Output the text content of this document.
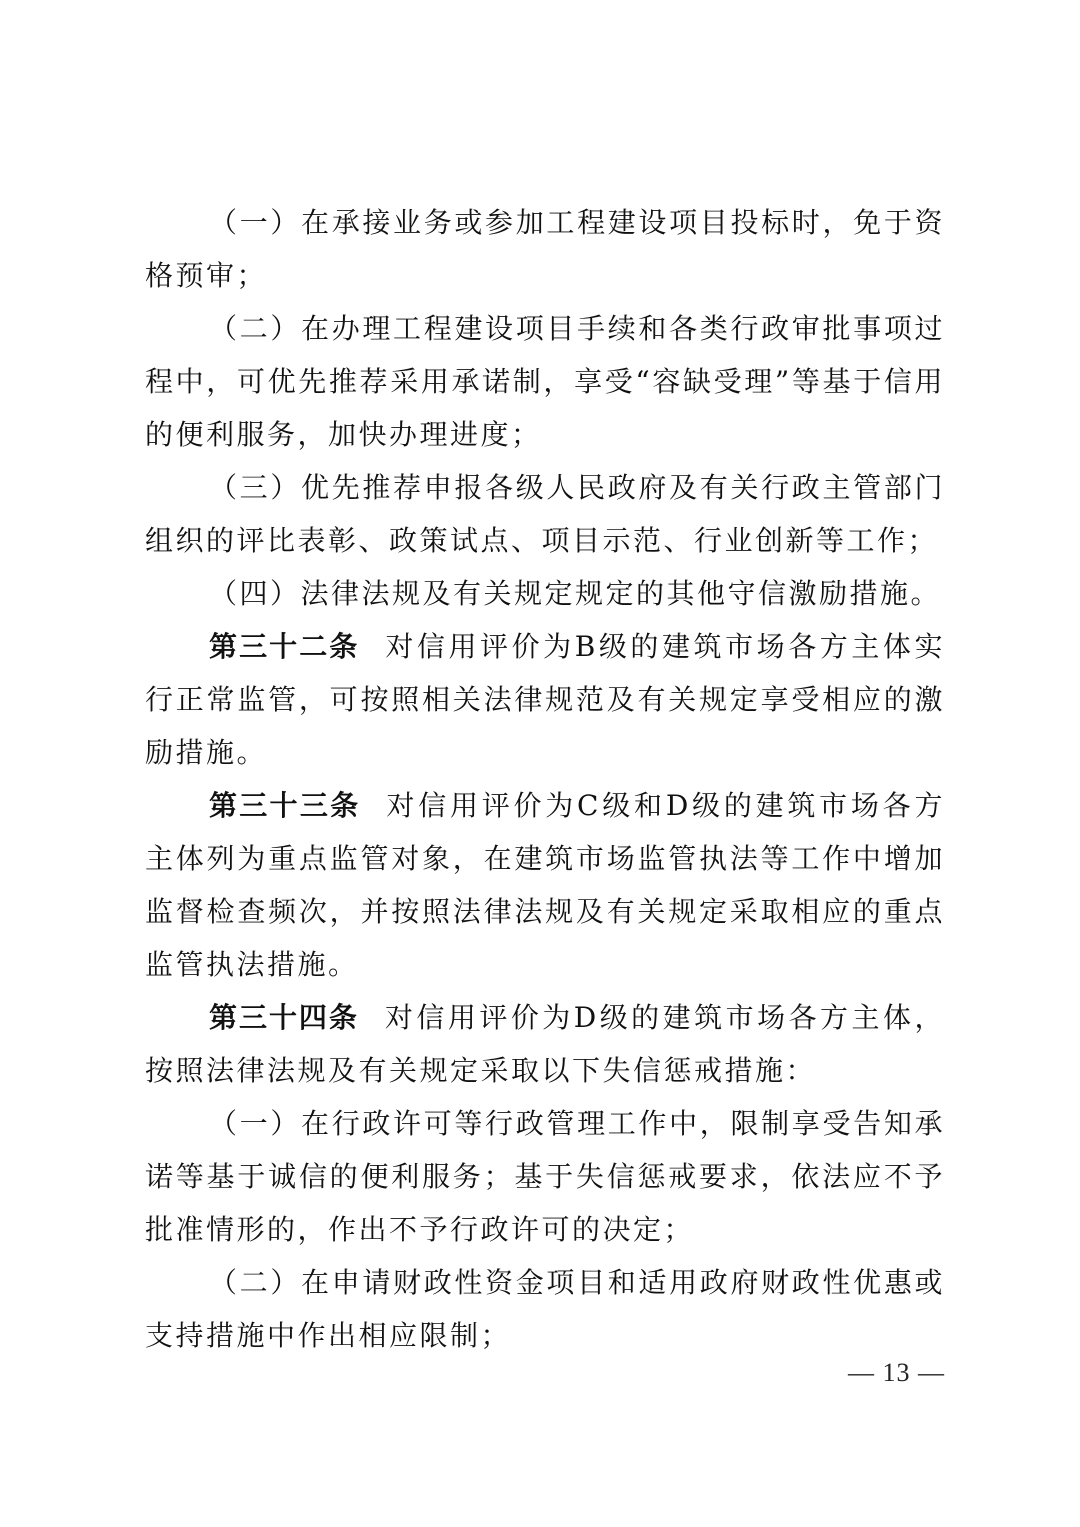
（一）在承接业务或参加工程建设项目投标时，免于资格预审；

（二）在办理工程建设项目手续和各类行政审批事项过程中，可优先推荐采用承诺制，享受“容缺受理”等基于信用的便利服务，加快办理进度；

（三）优先推荐申报各级人民政府及有关行政主管部门组织的评比表彰、政策试点、项目示范、行业创新等工作；

（四）法律法规及有关规定规定的其他守信激励措施。

第三十二条 对信用评价为B级的建筑市场各方主体实行正常监管，可按照相关法律规范及有关规定享受相应的激励措施。

第三十三条 对信用评价为C级和D级的建筑市场各方主体列为重点监管对象，在建筑市场监管执法等工作中增加监督检查频次，并按照法律法规及有关规定采取相应的重点监管执法措施。

第三十四条 对信用评价为D级的建筑市场各方主体，按照法律法规及有关规定采取以下失信惩戒措施：

（一）在行政许可等行政管理工作中，限制享受告知承诺等基于诚信的便利服务；基于失信惩戒要求，依法应不予批准情形的，作出不予行政许可的决定；

（二）在申请财政性资金项目和适用政府财政性优惠或支持措施中作出相应限制；

— 13 —
